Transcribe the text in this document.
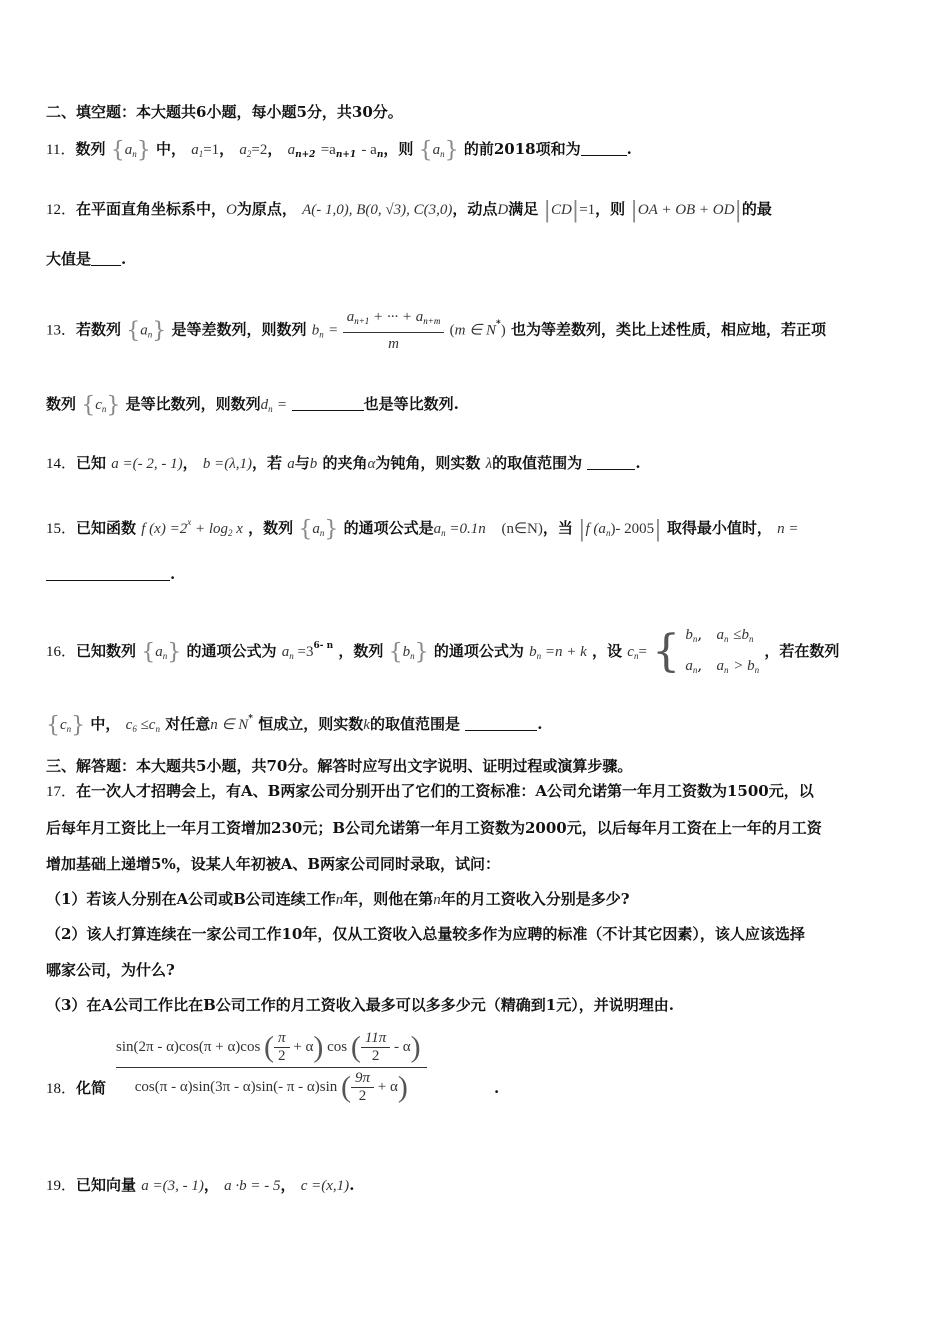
二、填空题：本大题共6小题，每小题5分，共30分。
11．数列 $\{a_n\}$ 中， $a_1=1$， $a_2=2$， $a_{n+2} =a_{n+1} - a_n$，则 $\{a_n\}$ 的前2018项和为	.
12．在平面直角坐标系中，O为原点， A(- 1,0), B(0, √3), C(3,0)，动点D满足 |CD|=1，则 |OA + OB + OD|的最
大值是 .
13．若数列 $\{a_n\}$ 是等差数列，则数列 $b_n = \frac{a_{n+1} + \cdot\cdot\cdot + a_{n+m}}{m} (m$ ∈ N*) 也为等差数列，类比上述性质，相应地，若正项
数列 $\{c_n\}$ 是等比数列，则数列$d_n$ =	也是等比数列.
14．已知 a =(- 2, - 1)， b =(λ,1)，若 a与b 的夹角α为钝角，则实数 λ的取值范围为	.
15．已知函数 f $(x) =2^x + \log_2 x$ ，数列 $\{a_n\}$ 的通项公式是$a_n =0.1n$ (n∈N)，当 |f $(a_n)-$ 2005| 取得最小值时， n =
.
16．已知数列 $\{a_n\}$ 的通项公式为 $a_n =3^{6- n}$ ，数列 $\{b_n\}$ 的通项公式为 $b_n =n + k$ ，设 $c_n=$ { $b_n$,   $a_n \le b_n$
$a_n$,   $a_n > b_n$
，若在数列
$\{c_n\}$ 中， $c_6 \le c_n$ 对任意n ∈ N* 恒成立，则实数k的取值范围是	.
三、解答题：本大题共5小题，共70分。解答时应写出文字说明、证明过程或演算步骤。
17．在一次人才招聘会上，有A、B两家公司分别开出了它们的工资标准：A公司允诺第一年月工资数为1500元，以
后每年月工资比上一年月工资增加230元；B公司允诺第一年月工资数为2000元，以后每年月工资在上一年的月工资
增加基础上递增5%，设某人年初被A、B两家公司同时录取，试问：
（1）若该人分别在A公司或B公司连续工作n年，则他在第n年的月工资收入分别是多少?
（2）该人打算连续在一家公司工作10年，仅从工资收入总量较多作为应聘的标准（不计其它因素），该人应该选择
哪家公司，为什么?
（3）在A公司工作比在B公司工作的月工资收入最多可以多多少元（精确到1元），并说明理由.
18．化简
sin(2π - α)cos(π + α)cos ( $\frac{\pi}{2} + \alpha$) cos ( $\frac{11\pi}{2} - \alpha$)
cos(π - α)sin(3π - α)sin(- π - α)sin ( $\frac{9\pi}{2} + \alpha$)	.
19．已知向量 a =(3, - 1)， a ·b = - 5， c =(x,1).
